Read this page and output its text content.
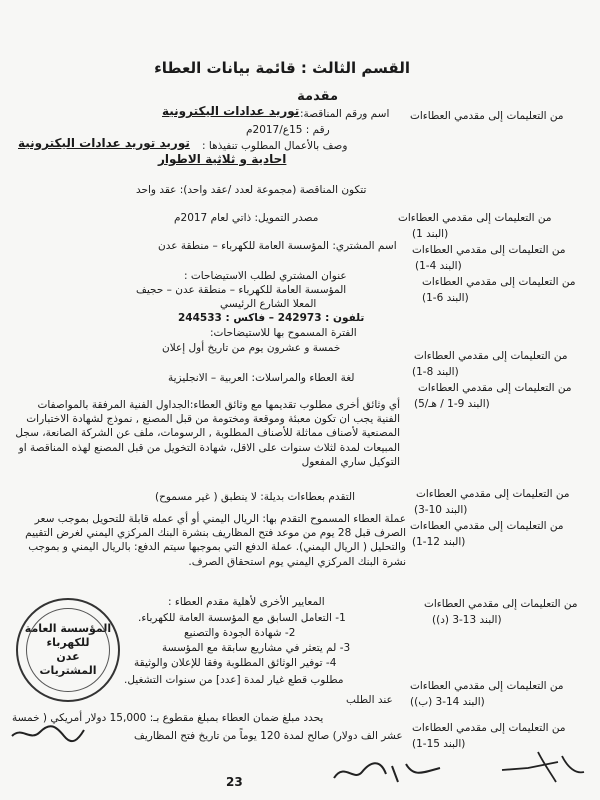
القسم الثالث : قائمة بيانات العطاء
مقدمة
من التعليمات إلى مقدمي العطاءات
من التعليمات إلى مقدمي العطاءات
(البند 1)
من التعليمات إلى مقدمي العطاءات
(البند 4-1)
من التعليمات إلى مقدمي العطاءات
(البند 6-1)
من التعليمات إلى مقدمي العطاءات
(البند 8-1)
من التعليمات إلى مقدمي العطاءات
(البند 9-1 / هـ/5)
من التعليمات إلى مقدمي العطاءات
(البند 10-3)
من التعليمات إلى مقدمي العطاءات
(البند 12-1)
من التعليمات إلى مقدمي العطاءات
(البند 13-3 (د))
من التعليمات إلى مقدمي العطاءات
(البند 14-3 (ب))
من التعليمات إلى مقدمي العطاءات
(البند 15-1)
اسم ورقم المناقصة:
توريد عدادات اليكترونية
رقم : 15ع/2017م
وصف بالأعمال المطلوب تنفيذها :
توريد توريد عدادات اليكترونية
احادية و ثلاثية الاطوار
تتكون المناقصة (مجموعة لعدد /عقد واحد): عقد واحد
مصدر التمويل: ذاتي لعام 2017م
اسم المشتري: المؤسسة العامة للكهرباء – منطقة عدن
عنوان المشتري لطلب الاستيضاحات :
المؤسسة العامة للكهرباء – منطقة عدن – حجيف
المعلا الشارع الرئيسي
تلفون : 242973 – فاكس : 244533
الفترة المسموح بها للاستيضاحات:
خمسة و عشرون يوم من تاريخ أول إعلان
لغة العطاء والمراسلات: العربية – الانجليزية
أي وثائق أخرى مطلوب تقديمها مع وثائق العطاء:الجداول الفنية المرفقة بالمواصفات الفنية يجب ان تكون معبئة وموقعة ومختومة من قبل المصنع , نموذج لشهادة الاختبارات المصنعية لأصناف مماثلة للأصناف المطلوبة , الرسومات، ملف عن الشركة الصانعة، سجل المبيعات لمدة لثلاث سنوات على الاقل، شهادة التخويل من قبل المصنع لهذه المناقصة او التوكيل ساري المفعول
التقدم بعطاءات بديلة: لا ينطبق ( غير مسموح)
عملة العطاء المسموح التقدم بها: الريال اليمني أو أي عمله قابلة للتحويل بموجب سعر الصرف قبل 28 يوم من موعد فتح المظاريف بنشرة البنك المركزي اليمني لغرض التقييم والتحليل ( الريال اليمني). عملة الدفع التي بموجبها سيتم الدفع: بالريال اليمني و بموجب نشرة البنك المركزي اليمني يوم استحقاق الصرف.
المعايير الأخرى لأهلية مقدم العطاء :
1- التعامل السابق مع المؤسسة العامة للكهرباء.
2- شهادة الجودة والتصنيع
3- لم يتعثر في مشاريع سابقة مع المؤسسة
4- توفير الوثائق المطلوبة وفقا للإعلان والوثيقة
مطلوب قطع غيار لمدة [عدد] من سنوات التشغيل.
عند الطلب
يحدد مبلغ ضمان العطاء بمبلغ مقطوع بـ: 15,000 دولار أمريكي ( خمسة
عشر الف دولار) صالح لمدة 120 يوماً من تاريخ فتح المظاريف
المؤسسة العامة للكهرباء
عدن
المشتريات
23
